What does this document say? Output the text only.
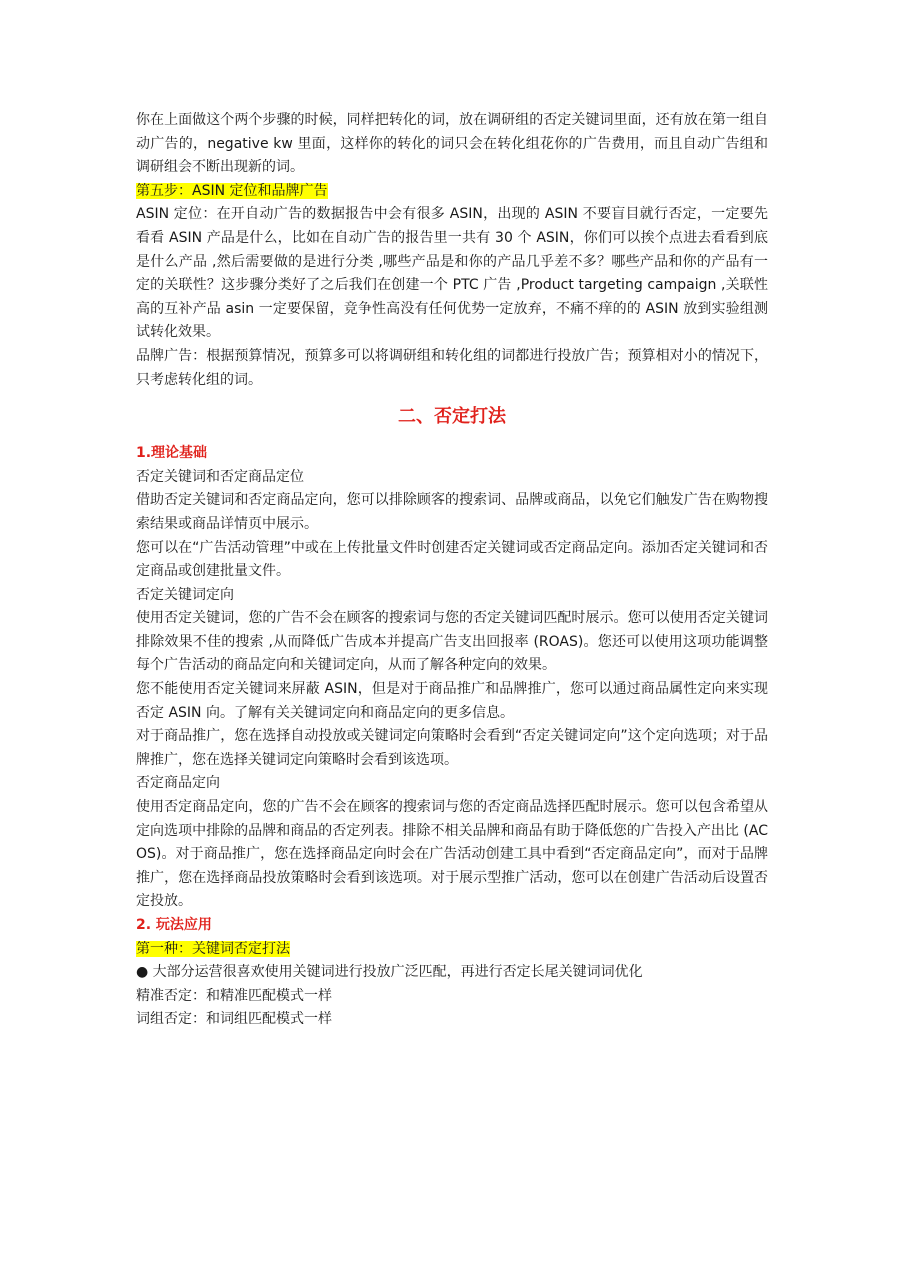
你在上面做这个两个步骤的时候，同样把转化的词，放在调研组的否定关键词里面，还有放在第一组自动广告的，negative kw 里面，这样你的转化的词只会在转化组花你的广告费用，而且自动广告组和调研组会不断出现新的词。

第五步：ASIN 定位和品牌广告

ASIN 定位：在开自动广告的数据报告中会有很多 ASIN，出现的 ASIN 不要盲目就行否定，一定要先看看 ASIN 产品是什么，比如在自动广告的报告里一共有 30 个 ASIN，你们可以挨个点进去看看到底是什么产品 ,然后需要做的是进行分类 ,哪些产品是和你的产品几乎差不多？哪些产品和你的产品有一定的关联性？这步骤分类好了之后我们在创建一个 PTC 广告 ,Product targeting campaign ,关联性高的互补产品 asin 一定要保留，竞争性高没有任何优势一定放弃，不痛不痒的的 ASIN 放到实验组测试转化效果。

品牌广告：根据预算情况，预算多可以将调研组和转化组的词都进行投放广告；预算相对小的情况下，只考虑转化组的词。

二、否定打法

1.理论基础

否定关键词和否定商品定位

借助否定关键词和否定商品定向，您可以排除顾客的搜索词、品牌或商品，以免它们触发广告在购物搜索结果或商品详情页中展示。

您可以在“广告活动管理”中或在上传批量文件时创建否定关键词或否定商品定向。添加否定关键词和否定商品或创建批量文件。

否定关键词定向

使用否定关键词，您的广告不会在顾客的搜索词与您的否定关键词匹配时展示。您可以使用否定关键词排除效果不佳的搜索 ,从而降低广告成本并提高广告支出回报率 (ROAS)。您还可以使用这项功能调整每个广告活动的商品定向和关键词定向，从而了解各种定向的效果。

您不能使用否定关键词来屏蔽 ASIN，但是对于商品推广和品牌推广，您可以通过商品属性定向来实现否定 ASIN 向。了解有关关键词定向和商品定向的更多信息。

对于商品推广，您在选择自动投放或关键词定向策略时会看到“否定关键词定向”这个定向选项；对于品牌推广，您在选择关键词定向策略时会看到该选项。

否定商品定向

使用否定商品定向，您的广告不会在顾客的搜索词与您的否定商品选择匹配时展示。您可以包含希望从定向选项中排除的品牌和商品的否定列表。排除不相关品牌和商品有助于降低您的广告投入产出比 (ACOS)。对于商品推广，您在选择商品定向时会在广告活动创建工具中看到“否定商品定向”，而对于品牌推广，您在选择商品投放策略时会看到该选项。对于展示型推广活动，您可以在创建广告活动后设置否定投放。

2. 玩法应用

第一种：关键词否定打法

● 大部分运营很喜欢使用关键词进行投放广泛匹配，再进行否定长尾关键词词优化

精准否定：和精准匹配模式一样

词组否定：和词组匹配模式一样
